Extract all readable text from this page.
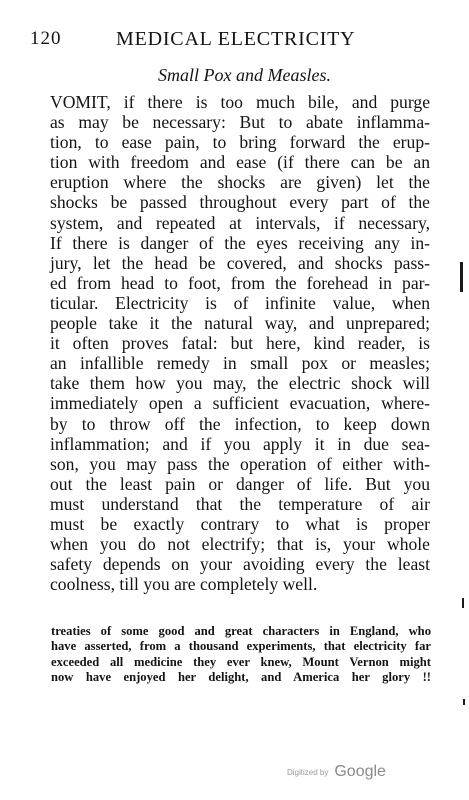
120	MEDICAL ELECTRICITY
Small Pox and Measles.
VOMIT, if there is too much bile, and purge
as may be necessary: But to abate inflamma-
tion, to ease pain, to bring forward the erup-
tion with freedom and ease (if there can be an
eruption where the shocks are given) let the
shocks be passed throughout every part of the
system, and repeated at intervals, if necessary,
If there is danger of the eyes receiving any in-
jury, let the head be covered, and shocks pass-
ed from head to foot, from the forehead in par-
ticular. Electricity is of infinite value, when
people take it the natural way, and unprepared;
it often proves fatal: but here, kind reader, is
an infallible remedy in small pox or measles;
take them how you may, the electric shock will
immediately open a sufficient evacuation, where-
by to throw off the infection, to keep down
inflammation; and if you apply it in due sea-
son, you may pass the operation of either with-
out the least pain or danger of life. But you
must understand that the temperature of air
must be exactly contrary to what is proper
when you do not electrify; that is, your whole
safety depends on your avoiding every the least
coolness, till you are completely well.
treaties of some good and great characters in England, who
have asserted, from a thousand experiments, that electricity far
exceeded all medicine they ever knew, Mount Vernon might
now have enjoyed her delight, and America her glory !!
Digitized by Google
